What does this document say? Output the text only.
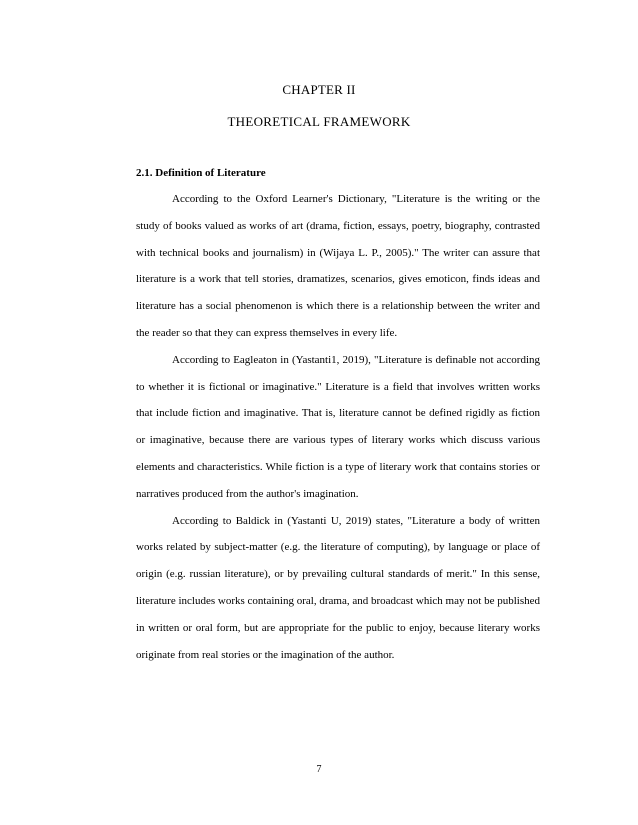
CHAPTER II
THEORETICAL FRAMEWORK
2.1. Definition of Literature

According to the Oxford Learner's Dictionary, "Literature is the writing or the study of books valued as works of art (drama, fiction, essays, poetry, biography, contrasted with technical books and journalism) in (Wijaya L. P., 2005)." The writer can assure that literature is a work that tell stories, dramatizes, scenarios, gives emoticon, finds ideas and literature has a social phenomenon is which there is a relationship between the writer and the reader so that they can express themselves in every life.

According to Eagleaton in (Yastanti1, 2019), "Literature is definable not according to whether it is fictional or imaginative." Literature is a field that involves written works that include fiction and imaginative. That is, literature cannot be defined rigidly as fiction or imaginative, because there are various types of literary works which discuss various elements and characteristics. While fiction is a type of literary work that contains stories or narratives produced from the author's imagination.

According to Baldick in (Yastanti U, 2019) states, "Literature a body of written works related by subject-matter (e.g. the literature of computing), by language or place of origin (e.g. russian literature), or by prevailing cultural standards of merit." In this sense, literature includes works containing oral, drama, and broadcast which may not be published in written or oral form, but are appropriate for the public to enjoy, because literary works originate from real stories or the imagination of the author.

7
